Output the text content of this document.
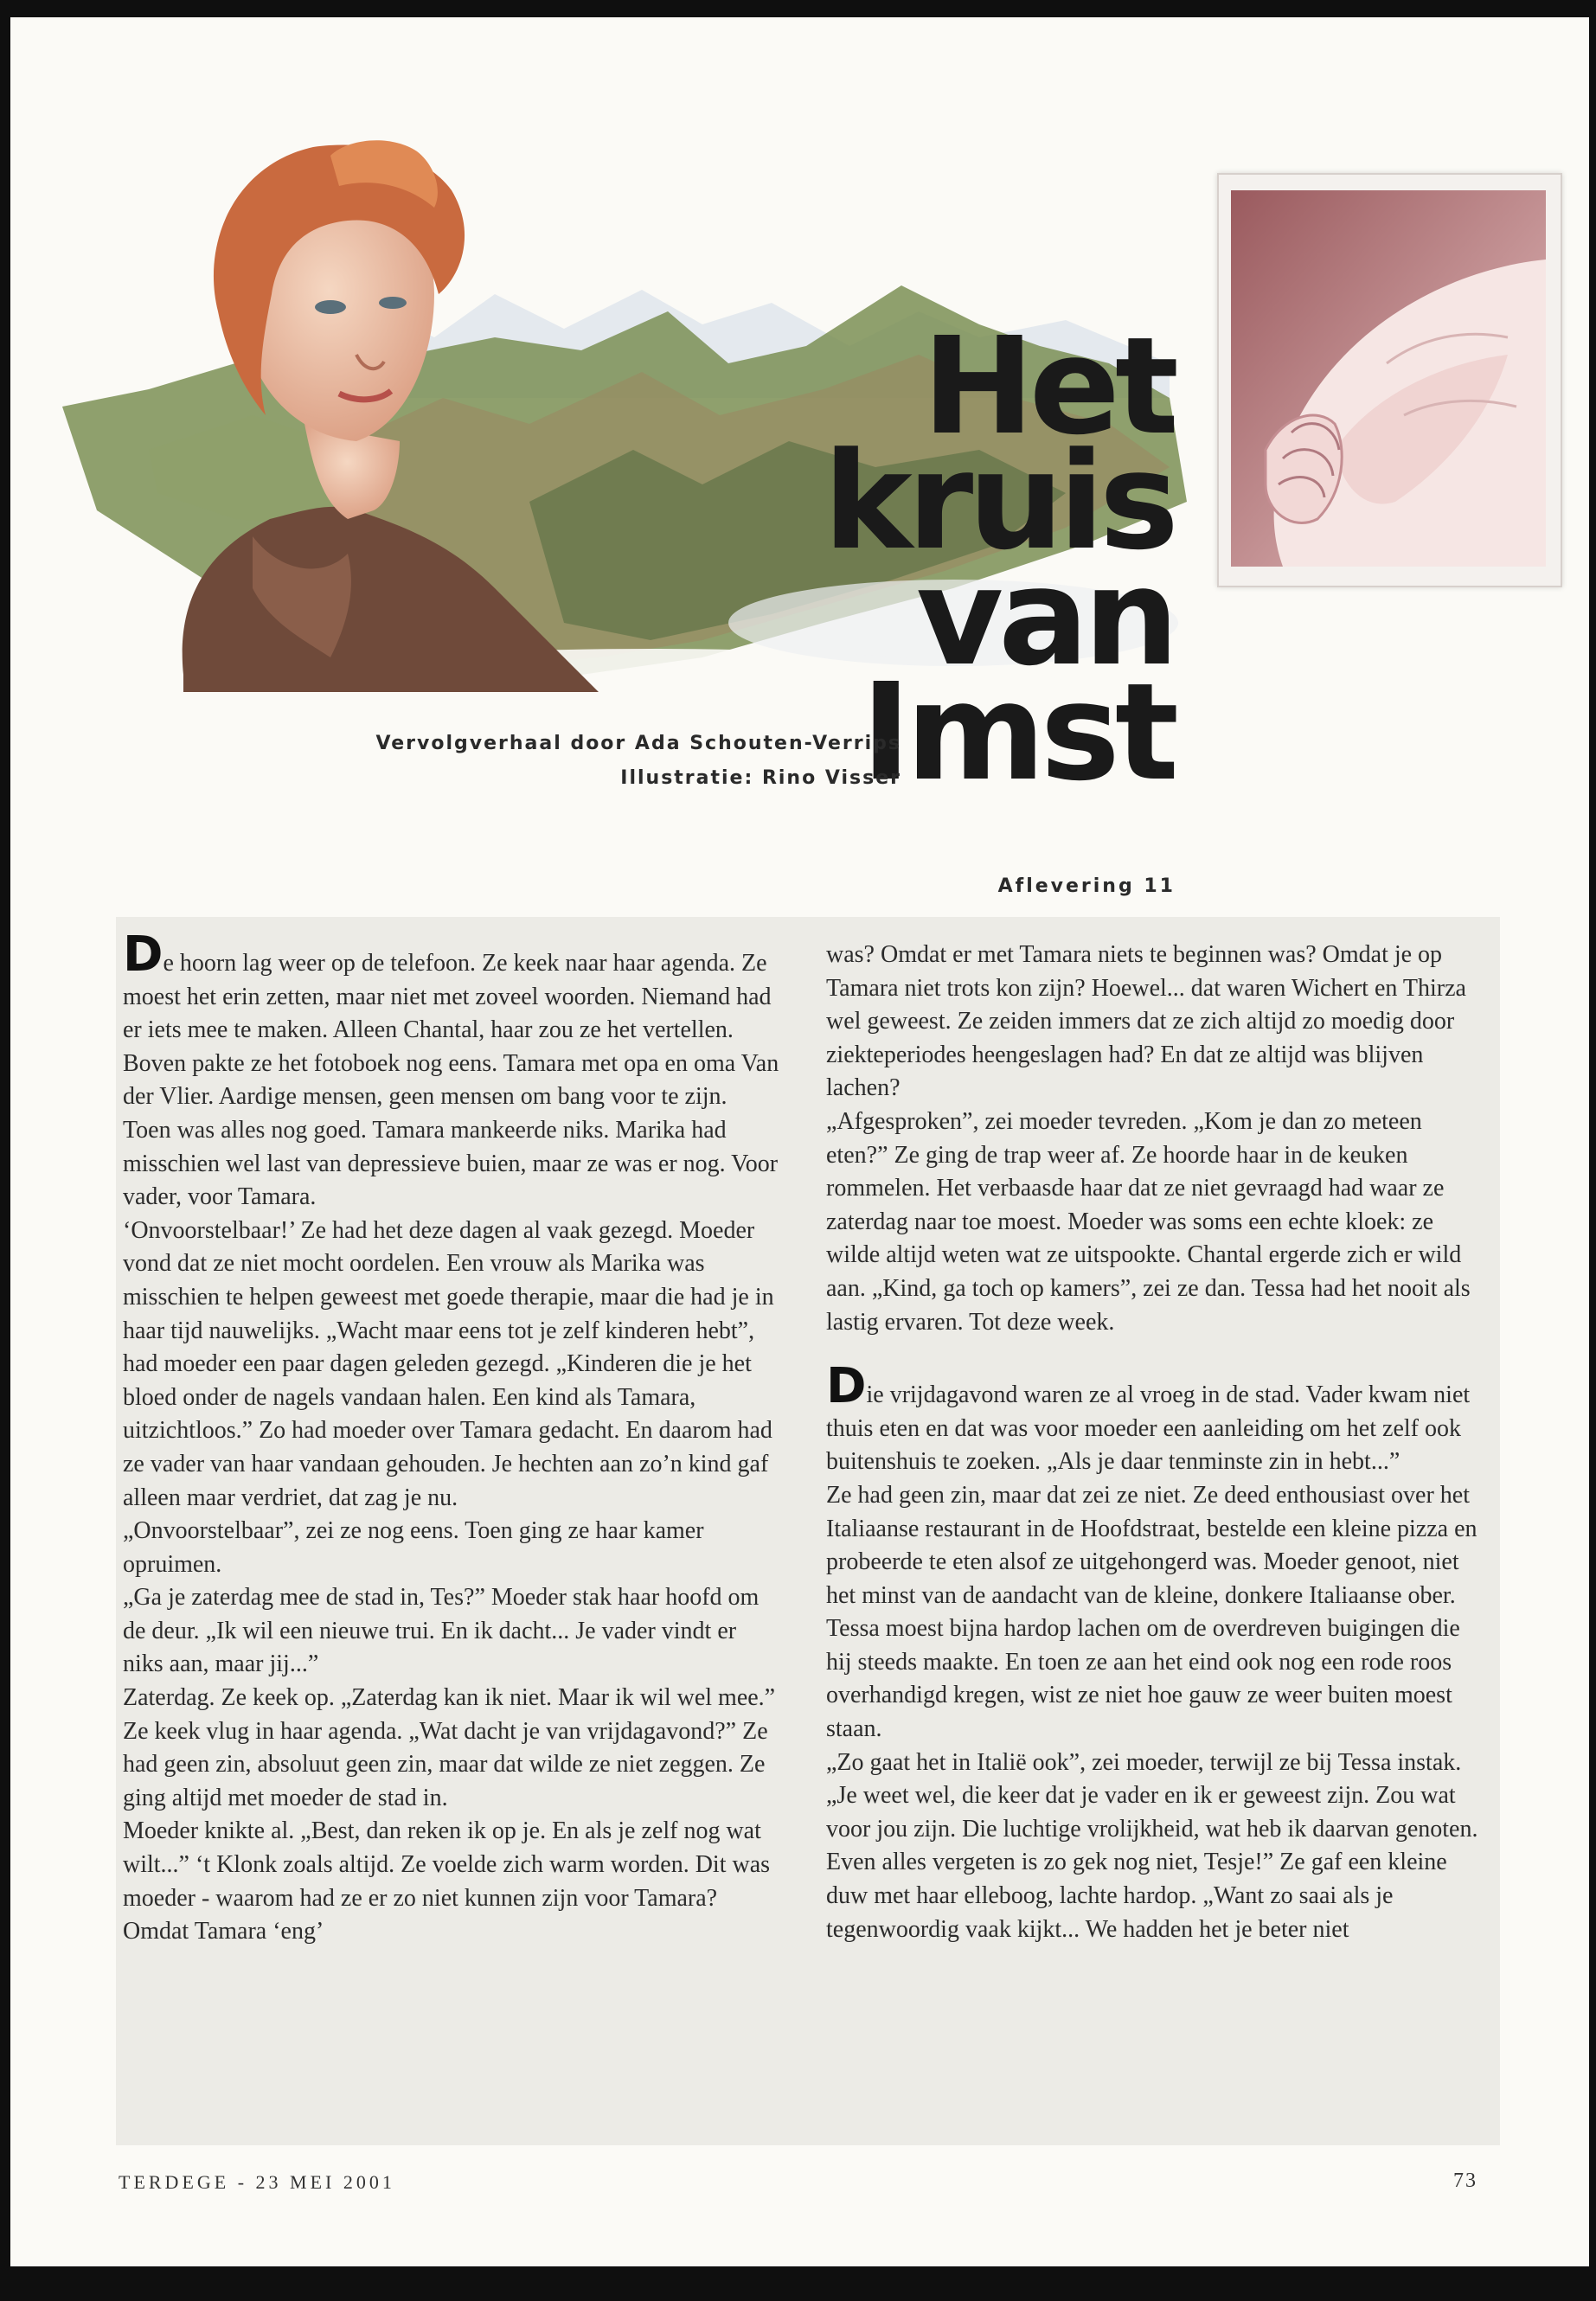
Het
kruis
van
Imst
Vervolgverhaal door Ada Schouten-Verrips
Illustratie: Rino Visser
Aflevering 11

De hoorn lag weer op de telefoon. Ze keek naar haar agenda. Ze moest het erin zetten, maar niet met zoveel woorden. Niemand had er iets mee te maken. Alleen Chantal, haar zou ze het vertellen.

Boven pakte ze het fotoboek nog eens. Tamara met opa en oma Van der Vlier. Aardige mensen, geen mensen om bang voor te zijn. Toen was alles nog goed. Tamara mankeerde niks. Marika had misschien wel last van depressieve buien, maar ze was er nog. Voor vader, voor Tamara.

‘Onvoorstelbaar!’ Ze had het deze dagen al vaak gezegd. Moeder vond dat ze niet mocht oordelen. Een vrouw als Marika was misschien te helpen geweest met goede therapie, maar die had je in haar tijd nauwelijks. „Wacht maar eens tot je zelf kinderen hebt”, had moeder een paar dagen geleden gezegd. „Kinderen die je het bloed onder de nagels vandaan halen. Een kind als Tamara, uitzichtloos.” Zo had moeder over Tamara gedacht. En daarom had ze vader van haar vandaan gehouden. Je hechten aan zo’n kind gaf alleen maar verdriet, dat zag je nu.

„Onvoorstelbaar”, zei ze nog eens. Toen ging ze haar kamer opruimen.

„Ga je zaterdag mee de stad in, Tes?” Moeder stak haar hoofd om de deur. „Ik wil een nieuwe trui. En ik dacht... Je vader vindt er niks aan, maar jij...”

Zaterdag. Ze keek op. „Zaterdag kan ik niet. Maar ik wil wel mee.” Ze keek vlug in haar agenda. „Wat dacht je van vrijdagavond?” Ze had geen zin, absoluut geen zin, maar dat wilde ze niet zeggen. Ze ging altijd met moeder de stad in.

Moeder knikte al. „Best, dan reken ik op je. En als je zelf nog wat wilt...” ‘t Klonk zoals altijd. Ze voelde zich warm worden. Dit was moeder - waarom had ze er zo niet kunnen zijn voor Tamara? Omdat Tamara ‘eng’

was? Omdat er met Tamara niets te beginnen was? Omdat je op Tamara niet trots kon zijn? Hoewel... dat waren Wichert en Thirza wel geweest. Ze zeiden immers dat ze zich altijd zo moedig door ziekteperiodes heengeslagen had? En dat ze altijd was blijven lachen?

„Afgesproken”, zei moeder tevreden. „Kom je dan zo meteen eten?” Ze ging de trap weer af. Ze hoorde haar in de keuken rommelen. Het verbaasde haar dat ze niet gevraagd had waar ze zaterdag naar toe moest. Moeder was soms een echte kloek: ze wilde altijd weten wat ze uitspookte. Chantal ergerde zich er wild aan. „Kind, ga toch op kamers”, zei ze dan. Tessa had het nooit als lastig ervaren. Tot deze week.

Die vrijdagavond waren ze al vroeg in de stad. Vader kwam niet thuis eten en dat was voor moeder een aanleiding om het zelf ook buitenshuis te zoeken. „Als je daar tenminste zin in hebt...”

Ze had geen zin, maar dat zei ze niet. Ze deed enthousiast over het Italiaanse restaurant in de Hoofdstraat, bestelde een kleine pizza en probeerde te eten alsof ze uitgehongerd was. Moeder genoot, niet het minst van de aandacht van de kleine, donkere Italiaanse ober. Tessa moest bijna hardop lachen om de overdreven buigingen die hij steeds maakte. En toen ze aan het eind ook nog een rode roos overhandigd kregen, wist ze niet hoe gauw ze weer buiten moest staan.

„Zo gaat het in Italië ook”, zei moeder, terwijl ze bij Tessa instak. „Je weet wel, die keer dat je vader en ik er geweest zijn. Zou wat voor jou zijn. Die luchtige vrolijkheid, wat heb ik daarvan genoten. Even alles vergeten is zo gek nog niet, Tesje!” Ze gaf een kleine duw met haar elleboog, lachte hardop. „Want zo saai als je tegenwoordig vaak kijkt... We hadden het je beter niet

TERDEGE - 23 MEI 2001	73
